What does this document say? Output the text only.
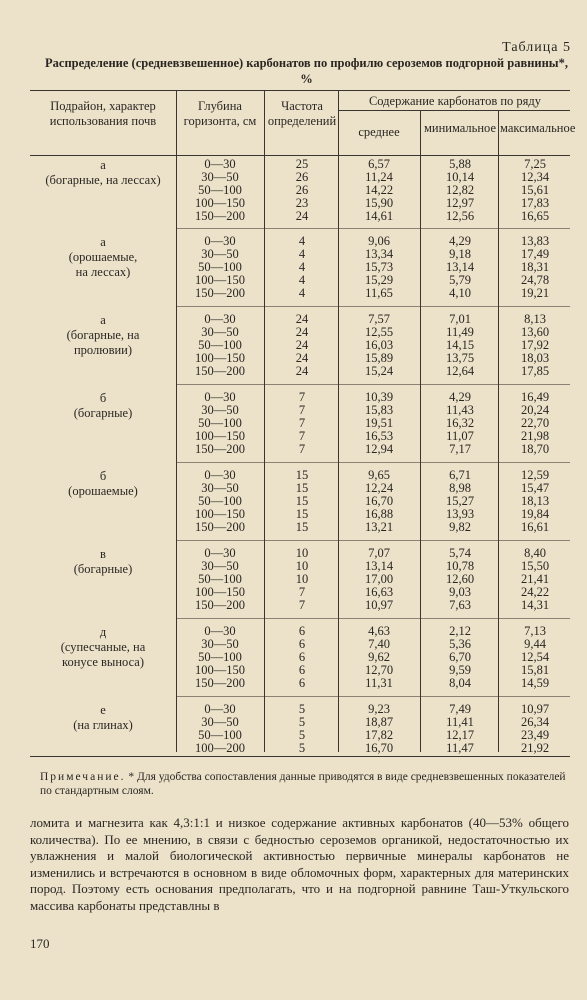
Таблица 5
Распределение (средневзвешенное) карбонатов по профилю сероземов подгорной равнины*, %
Подрайон, характер использования почв
Глубина горизонта, см
Частота определений
Содержание карбонатов по ряду
среднее	минимальное максимальное
а
(богарные, на лессах)
0—30	25	6,57	5,88	7,25
30—50	26	11,24	10,14	12,34
50—100	26	14,22	12,82	15,61
100—150	23	15,90	12,97	17,83
150—200	24	14,61	12,56	16,65
а
(орошаемые,
на лессах)
0—30	4	9,06	4,29	13,83
30—50	4	13,34	9,18	17,49
50—100	4	15,73	13,14	18,31
100—150	4	15,29	5,79	24,78
150—200	4	11,65	4,10	19,21
а
(богарные, на
пролювии)
0—30	24	7,57	7,01	8,13
30—50	24	12,55	11,49	13,60
50—100	24	16,03	14,15	17,92
100—150	24	15,89	13,75	18,03
150—200	24	15,24	12,64	17,85
б
(богарные)
0—30	7	10,39	4,29	16,49
30—50	7	15,83	11,43	20,24
50—100	7	19,51	16,32	22,70
100—150	7	16,53	11,07	21,98
150—200	7	12,94	7,17	18,70
б
(орошаемые)
0—30	15	9,65	6,71	12,59
30—50	15	12,24	8,98	15,47
50—100	15	16,70	15,27	18,13
100—150	15	16,88	13,93	19,84
150—200	15	13,21	9,82	16,61
в
(богарные)
0—30	10	7,07	5,74	8,40
30—50	10	13,14	10,78	15,50
50—100	10	17,00	12,60	21,41
100—150	7	16,63	9,03	24,22
150—200	7	10,97	7,63	14,31
д
(супесчаные, на
конусе выноса)
0—30	6	4,63	2,12	7,13
30—50	6	7,40	5,36	9,44
50—100	6	9,62	6,70	12,54
100—150	6	12,70	9,59	15,81
150—200	6	11,31	8,04	14,59
е
(на глинах)
0—30	5	9,23	7,49	10,97
30—50	5	18,87	11,41	26,34
50—100	5	17,82	12,17	23,49
100—200	5	16,70	11,47	21,92
Примечание. * Для удобства сопоставления данные приводятся в виде средневзвешенных показателей по стандартным слоям.

ломита и магнезита как 4,3:1:1 и низкое содержание активных карбонатов (40—53% общего количества). По ее мнению, в связи с бедностью сероземов органикой, недостаточностью их увлажнения и малой биологической активностью первичные минералы карбонатов не изменились и встречаются в основном в виде обломочных форм, характерных для материнских пород. Поэтому есть основания предполагать, что и на подгорной равнине Таш-Уткульского массива карбонаты представлны в

170
